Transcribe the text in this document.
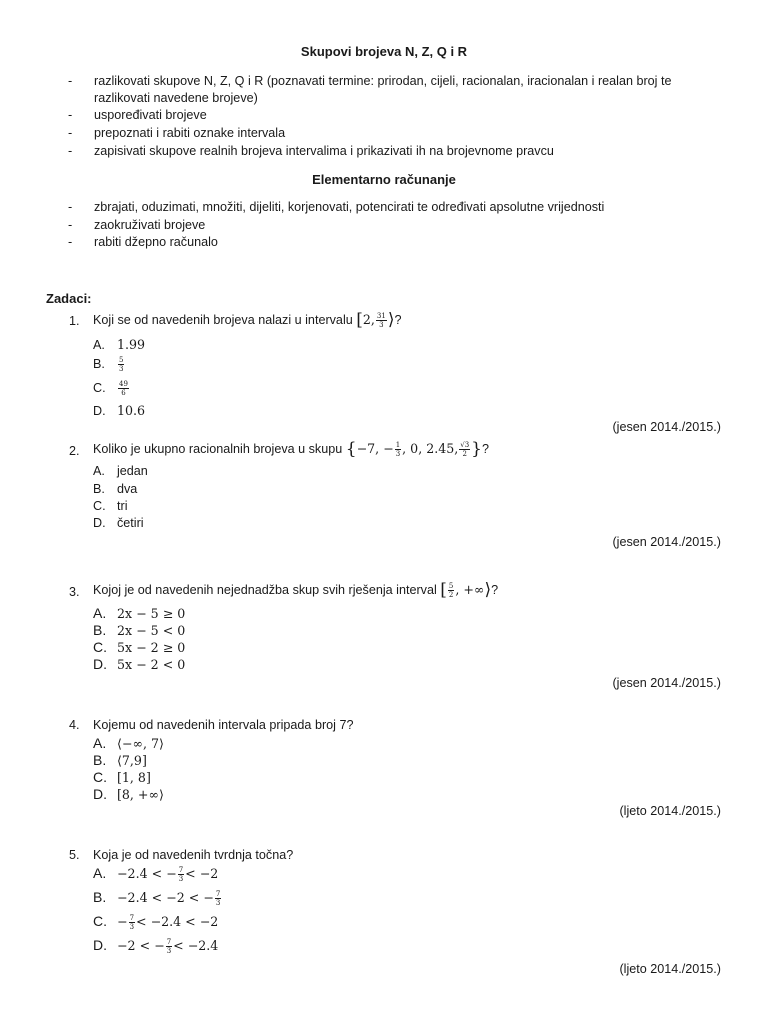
Skupovi brojeva N, Z, Q i R
- razlikovati skupove N, Z, Q i R (poznavati termine: prirodan, cijeli, racionalan, iracionalan i realan broj te
razlikovati navedene brojeve)
- uspoređivati brojeve
- prepoznati i rabiti oznake intervala
- zapisivati skupove realnih brojeva intervalima i prikazivati ih na brojevnome pravcu
Elementarno računanje
- zbrajati, oduzimati, množiti, dijeliti, korjenovati, potencirati te određivati apsolutne vrijednosti
- zaokruživati brojeve
- rabiti džepno računalo
Zadaci:
1. Koji se od navedenih brojeva nalazi u intervalu [2, $\frac{31}{3}$ ⟩?
A. 1.99
B. $\frac{5}{3}$
C. $\frac{49}{6}$
D. 10.6
(jesen 2014./2015.)
2. Koliko je ukupno racionalnih brojeva u skupu {−7, − $\frac{1}{3}$ , 0, 2.45, $\frac{√3}{2}$ }?
A. jedan
B. dva
C. tri
D. četiri
(jesen 2014./2015.)
3. Kojoj je od navedenih nejednadžba skup svih rješenja interval [ $\frac{5}{2}$ , +∞⟩?
A. 2x − 5 ≥ 0
B. 2x − 5 < 0
C. 5x − 2 ≥ 0
D. 5x − 2 < 0
(jesen 2014./2015.)
4. Kojemu od navedenih intervala pripada broj 7?
A. ⟨−∞, 7⟩
B. ⟨7,9]
C. [1, 8]
D. [8, +∞⟩
(ljeto 2014./2015.)
5. Koja je od navedenih tvrdnja točna?
A. −2.4 < − $\frac{7}{3} < -2$
B. −2.4 < −2 < − $\frac{7}{3}$
C. − $\frac{7}{3} < -2.4 < -2$
D. −2 < − $\frac{7}{3} < -2.4$
(ljeto 2014./2015.)
